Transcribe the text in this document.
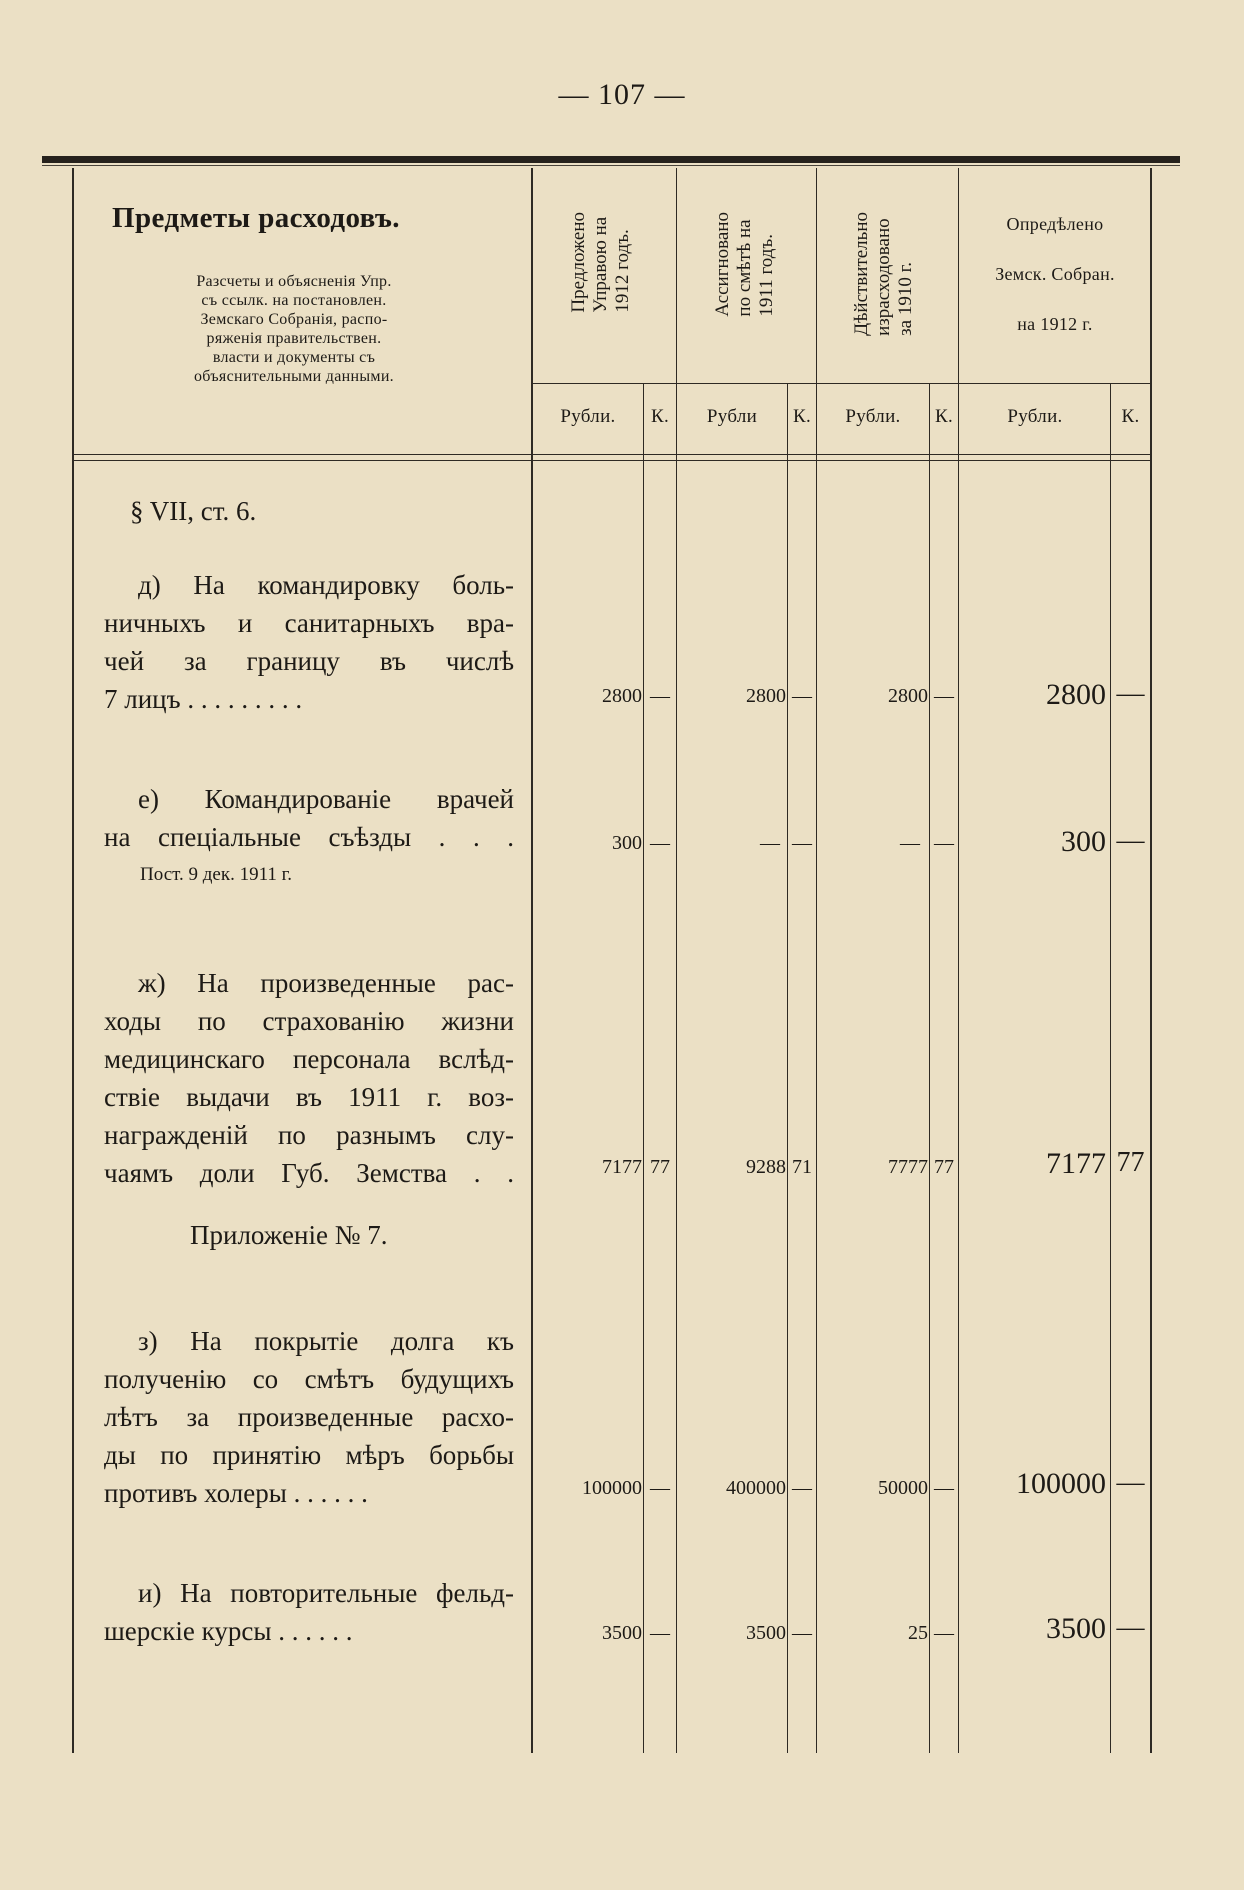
— 107 —
Предметы расходовъ.
Разсчеты и объясненія Упр.
съ ссылк. на постановлен.
Земскаго Собранія, распо-
ряженія правительствен.
власти и документы съ
объяснительными данными.
Предложено
Управою на
1912 годъ.	Ассигновано
по смѣтѣ на
1911 годъ.	Дѣйствительно
израсходовано
за 1910 г.
Опредѣлено
Земск. Собран.
на 1912 г.
Рубли.	К.	Рубли	К.	Рубли.	К.	Рубли.	К.
§ VII, ст. 6.
д) На командировку боль-
ничныхъ и санитарныхъ вра-
чей за границу въ числѣ
7 лицъ . . . . . . . . .	2800 —	2800 —	2800 —	2800 —
е) Командированіе врачей
на спеціальные съѣзды . . .
Пост. 9 дек. 1911 г.
300 —	— —	— —	300 —
ж) На произведенные рас-
ходы по страхованію жизни
медицинскаго персонала вслѣд-
ствіе выдачи въ 1911 г. воз-
награжденій по разнымъ слу-
чаямъ доли Губ. Земства . .	7177 77	9288 71	7777 77	7177 77
Приложеніе № 7.
з) На покрытіе долга къ
полученію со смѣтъ будущихъ
лѣтъ за произведенные расхо-
ды по принятію мѣръ борьбы
противъ холеры . . . . . .	100000 —	400000 —	50000 —	100000 —
и) На повторительные фельд-
шерскіе курсы . . . . . .	3500 —	3500 —	25 —	3500 —
